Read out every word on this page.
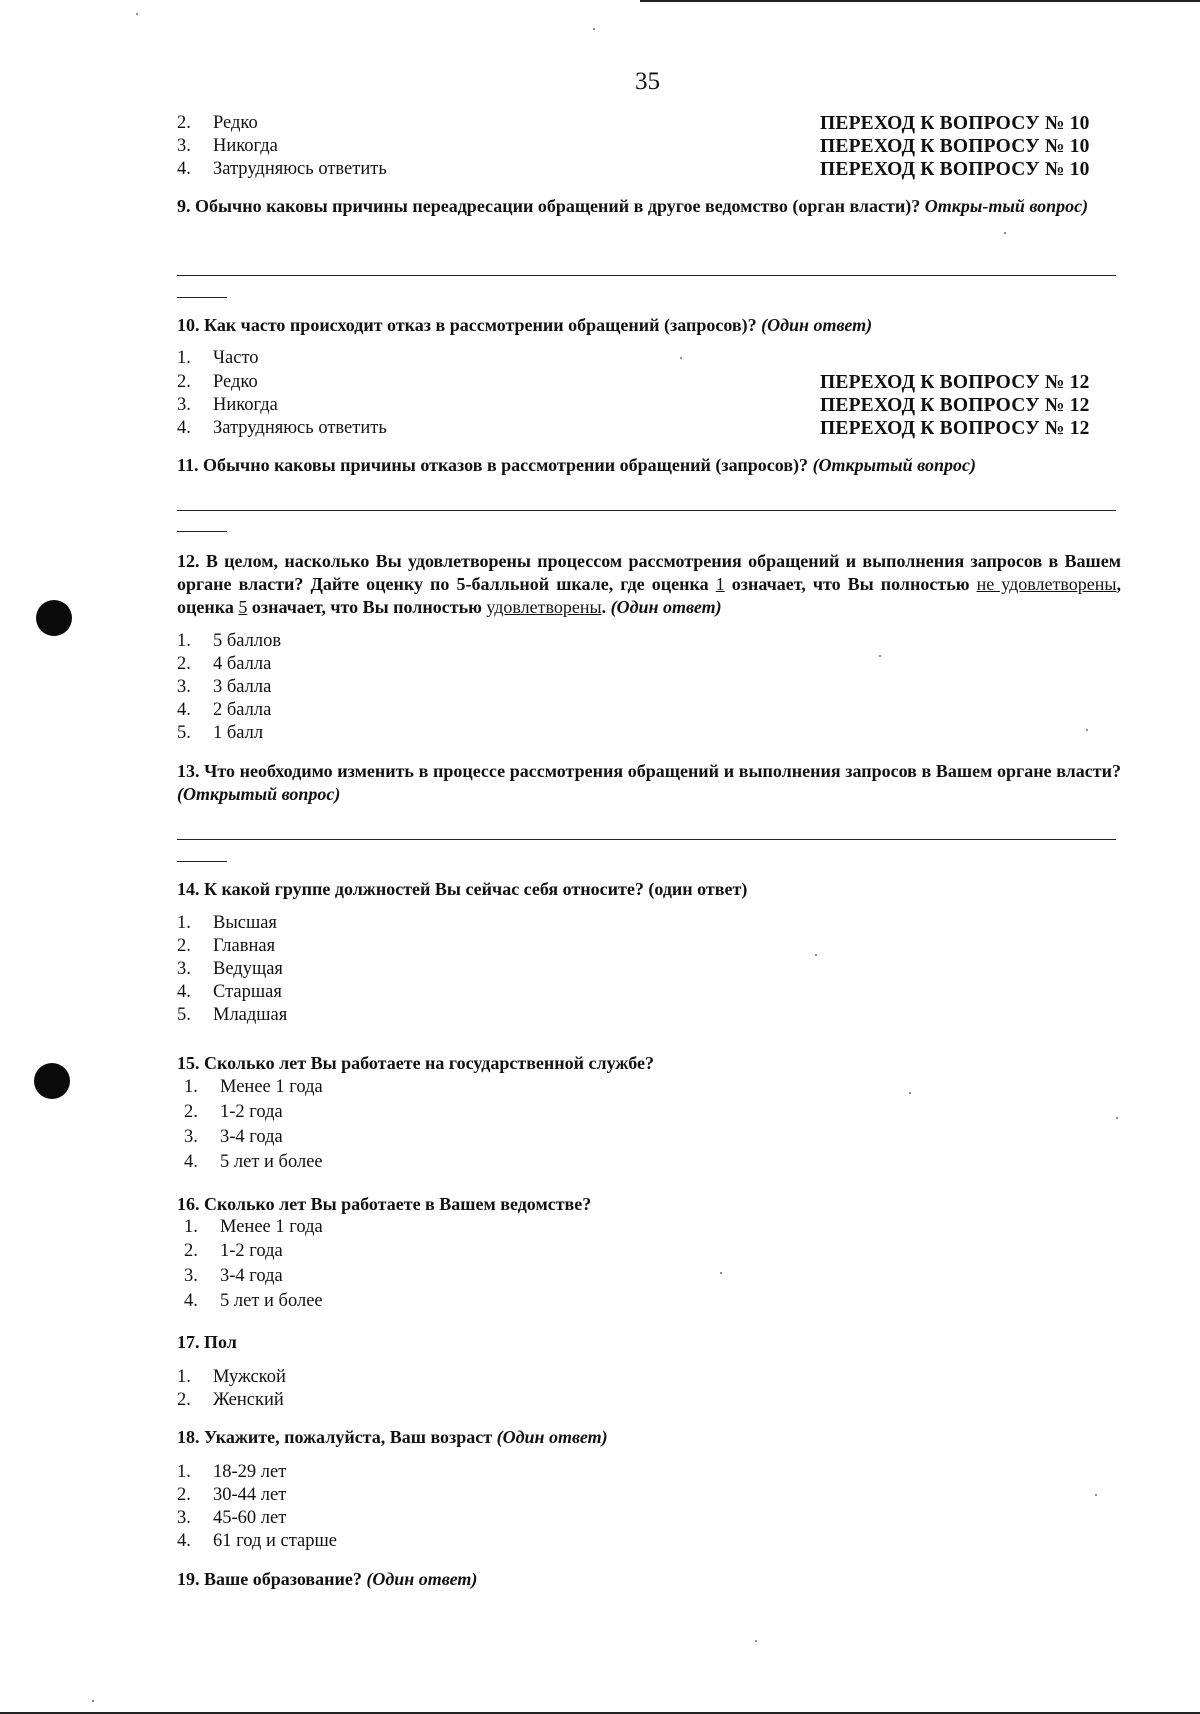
35
2. Редко	ПЕРЕХОД К ВОПРОСУ № 10
3. Никогда	ПЕРЕХОД К ВОПРОСУ № 10
4. Затрудняюсь ответить	ПЕРЕХОД К ВОПРОСУ № 10
9. Обычно каковы причины переадресации обращений в другое ведомство (орган власти)? Откры-тый вопрос)
10. Как часто происходит отказ в рассмотрении обращений (запросов)? (Один ответ)
1. Часто
2. Редко	ПЕРЕХОД К ВОПРОСУ № 12
3. Никогда	ПЕРЕХОД К ВОПРОСУ № 12
4. Затрудняюсь ответить	ПЕРЕХОД К ВОПРОСУ № 12
11. Обычно каковы причины отказов в рассмотрении обращений (запросов)? (Открытый вопрос)
12. В целом, насколько Вы удовлетворены процессом рассмотрения обращений и выполнения запросов в Вашем органе власти? Дайте оценку по 5-балльной шкале, где оценка 1 означает, что Вы полностью не удовлетворены, оценка 5 означает, что Вы полностью удовлетворены. (Один ответ)
1. 5 баллов
2. 4 балла
3. 3 балла
4. 2 балла
5. 1 балл
13. Что необходимо изменить в процессе рассмотрения обращений и выполнения запросов в Вашем органе власти? (Открытый вопрос)
14. К какой группе должностей Вы сейчас себя относите? (один ответ)
1. Высшая
2. Главная
3. Ведущая
4. Старшая
5. Младшая
15. Сколько лет Вы работаете на государственной службе?
1. Менее 1 года
2. 1-2 года
3. 3-4 года
4. 5 лет и более
16. Сколько лет Вы работаете в Вашем ведомстве?
1. Менее 1 года
2. 1-2 года
3. 3-4 года
4. 5 лет и более
17. Пол
1. Мужской
2. Женский
18. Укажите, пожалуйста, Ваш возраст (Один ответ)
1. 18-29 лет
2. 30-44 лет
3. 45-60 лет
4. 61 год и старше
19. Ваше образование? (Один ответ)
